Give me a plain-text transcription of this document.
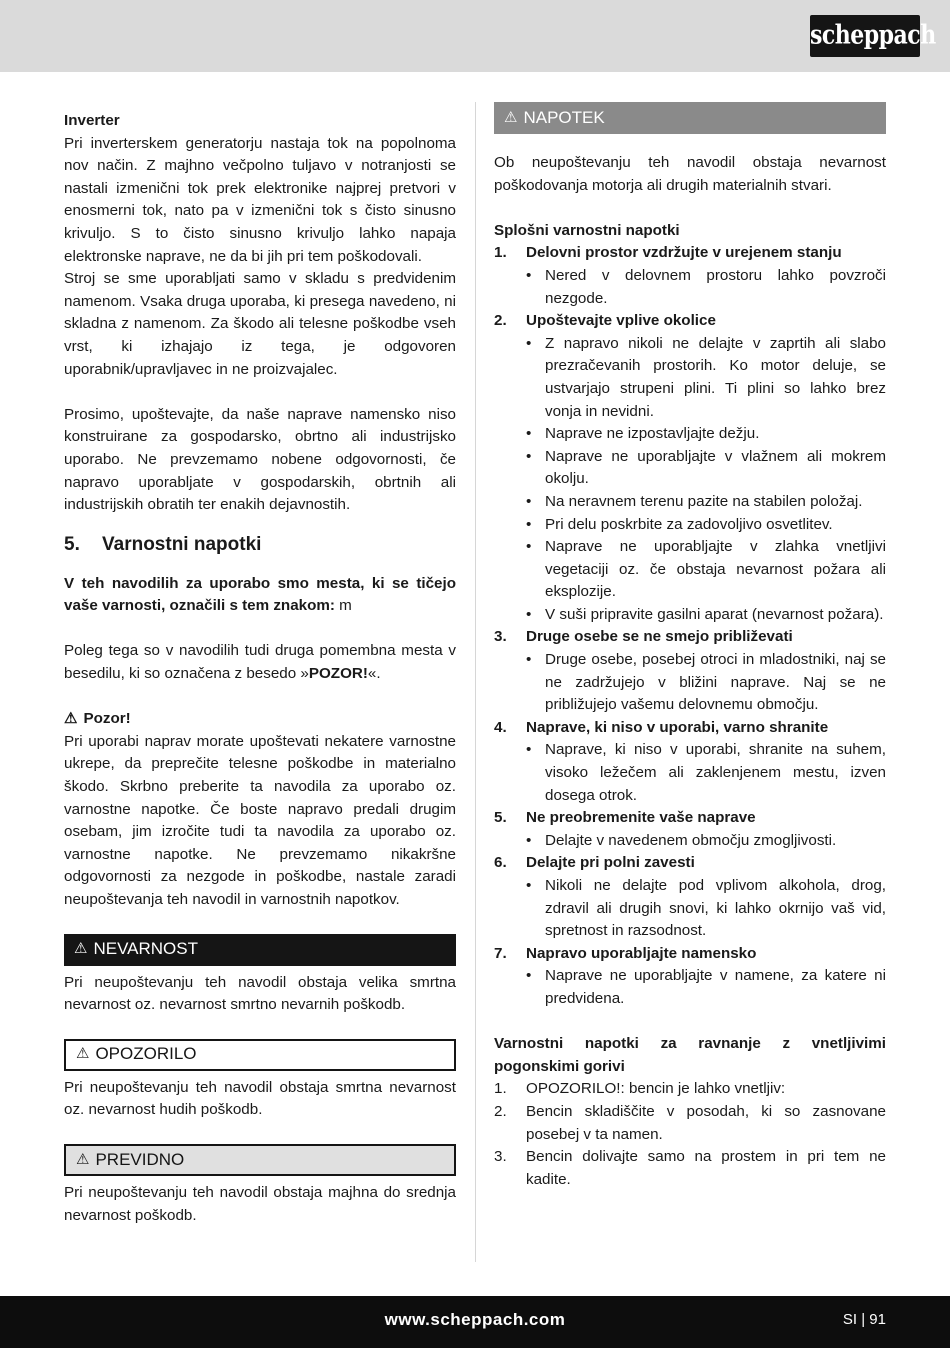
scheppach

Inverter

Pri inverterskem generatorju nastaja tok na popolnoma nov način. Z majhno večpolno tuljavo v notranjosti se nastali izmenični tok prek elektronike najprej pretvori v enosmerni tok, nato pa v izmenični tok s čisto sinusno krivuljo. S to čisto sinusno krivuljo lahko napaja elektronske naprave, ne da bi jih pri tem poškodovali.

Stroj se sme uporabljati samo v skladu s predvidenim namenom. Vsaka druga uporaba, ki presega navedeno, ni skladna z namenom. Za škodo ali telesne poškodbe vseh vrst, ki izhajajo iz tega, je odgovoren uporabnik/upravljavec in ne proizvajalec.

Prosimo, upoštevajte, da naše naprave namensko niso konstruirane za gospodarsko, obrtno ali industrijsko uporabo. Ne prevzemamo nobene odgovornosti, če napravo uporabljate v gospodarskih, obrtnih ali industrijskih obratih ter enakih dejavnostih.

5. Varnostni napotki

V teh navodilih za uporabo smo mesta, ki se tičejo vaše varnosti, označili s tem znakom: m

Poleg tega so v navodilih tudi druga pomembna mesta v besedilu, ki so označena z besedo »POZOR!«.

⚠ Pozor!

Pri uporabi naprav morate upoštevati nekatere varnostne ukrepe, da preprečite telesne poškodbe in materialno škodo. Skrbno preberite ta navodila za uporabo oz. varnostne napotke. Če boste napravo predali drugim osebam, jim izročite tudi ta navodila za uporabo oz. varnostne napotke. Ne prevzemamo nikakršne odgovornosti za nezgode in poškodbe, nastale zaradi neupoštevanja teh navodil in varnostnih napotkov.

⚠ NEVARNOST

Pri neupoštevanju teh navodil obstaja velika smrtna nevarnost oz. nevarnost smrtno nevarnih poškodb.

⚠ OPOZORILO

Pri neupoštevanju teh navodil obstaja smrtna nevarnost oz. nevarnost hudih poškodb.

⚠ PREVIDNO

Pri neupoštevanju teh navodil obstaja majhna do srednja nevarnost poškodb.

⚠ NAPOTEK

Ob neupoštevanju teh navodil obstaja nevarnost poškodovanja motorja ali drugih materialnih stvari.

Splošni varnostni napotki

1. Delovni prostor vzdržujte v urejenem stanju
• Nered v delovnem prostoru lahko povzroči nezgode.
2. Upoštevajte vplive okolice
• Z napravo nikoli ne delajte v zaprtih ali slabo prezračevanih prostorih. Ko motor deluje, se ustvarjajo strupeni plini. Ti plini so lahko brez vonja in nevidni.
• Naprave ne izpostavljajte dežju.
• Naprave ne uporabljajte v vlažnem ali mokrem okolju.
• Na neravnem terenu pazite na stabilen položaj.
• Pri delu poskrbite za zadovoljivo osvetlitev.
• Naprave ne uporabljajte v zlahka vnetljivi vegetaciji oz. če obstaja nevarnost požara ali eksplozije.
• V suši pripravite gasilni aparat (nevarnost požara).
3. Druge osebe se ne smejo približevati
• Druge osebe, posebej otroci in mladostniki, naj se ne zadržujejo v bližini naprave. Naj se ne približujejo vašemu delovnemu območju.
4. Naprave, ki niso v uporabi, varno shranite
• Naprave, ki niso v uporabi, shranite na suhem, visoko ležečem ali zaklenjenem mestu, izven dosega otrok.
5. Ne preobremenite vaše naprave
• Delajte v navedenem območju zmogljivosti.
6. Delajte pri polni zavesti
• Nikoli ne delajte pod vplivom alkohola, drog, zdravil ali drugih snovi, ki lahko okrnijo vaš vid, spretnost in razsodnost.
7. Napravo uporabljajte namensko
• Naprave ne uporabljajte v namene, za katere ni predvidena.

Varnostni napotki za ravnanje z vnetljivimi pogonskimi gorivi

1. OPOZORILO!: bencin je lahko vnetljiv:
2. Bencin skladiščite v posodah, ki so zasnovane posebej v ta namen.
3. Bencin dolivajte samo na prostem in pri tem ne kadite.
www.scheppach.com	SI | 91
